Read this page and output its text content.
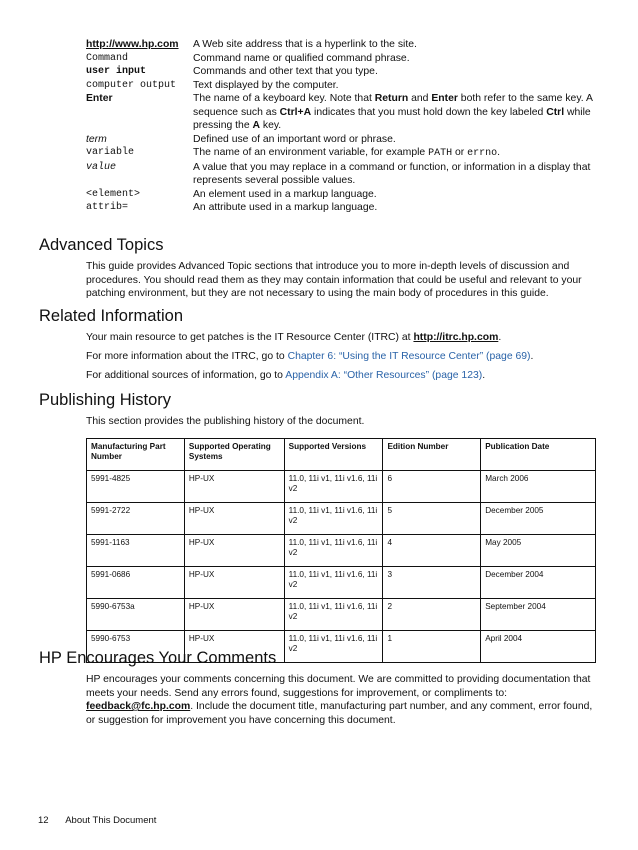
http://www.hp.com	A Web site address that is a hyperlink to the site.
Command	Command name or qualified command phrase.
user input	Commands and other text that you type.
computer output	Text displayed by the computer.
Enter	The name of a keyboard key. Note that Return and Enter both refer to the same key. A sequence such as Ctrl+A indicates that you must hold down the key labeled Ctrl while pressing the A key.
term	Defined use of an important word or phrase.
variable	The name of an environment variable, for example PATH or errno.
value	A value that you may replace in a command or function, or information in a display that represents several possible values.
<element>	An element used in a markup language.
attrib=	An attribute used in a markup language.
Advanced Topics

This guide provides Advanced Topic sections that introduce you to more in-depth levels of discussion and procedures. You should read them as they may contain information that could be useful and relevant to your patching environment, but they are not necessary to using the main body of procedures in this guide.

Related Information

Your main resource to get patches is the IT Resource Center (ITRC) at http://itrc.hp.com.

For more information about the ITRC, go to Chapter 6: “Using the IT Resource Center” (page 69).

For additional sources of information, go to Appendix A: “Other Resources” (page 123).

Publishing History

This section provides the publishing history of the document.

Manufacturing Part Number	Supported Operating Systems	Supported Versions	Edition Number	Publication Date
5991-4825	HP-UX	11.0, 11i v1, 11i v1.6, 11i v2	6	March 2006
5991-2722	HP-UX	11.0, 11i v1, 11i v1.6, 11i v2	5	December 2005
5991-1163	HP-UX	11.0, 11i v1, 11i v1.6, 11i v2	4	May 2005
5991-0686	HP-UX	11.0, 11i v1, 11i v1.6, 11i v2	3	December 2004
5990-6753a	HP-UX	11.0, 11i v1, 11i v1.6, 11i v2	2	September 2004
5990-6753	HP-UX	11.0, 11i v1, 11i v1.6, 11i v2	1	April 2004
HP Encourages Your Comments

HP encourages your comments concerning this document. We are committed to providing documentation that meets your needs. Send any errors found, suggestions for improvement, or compliments to: feedback@fc.hp.com. Include the document title, manufacturing part number, and any comment, error found, or suggestion for improvement you have concerning this document.

12 About This Document
